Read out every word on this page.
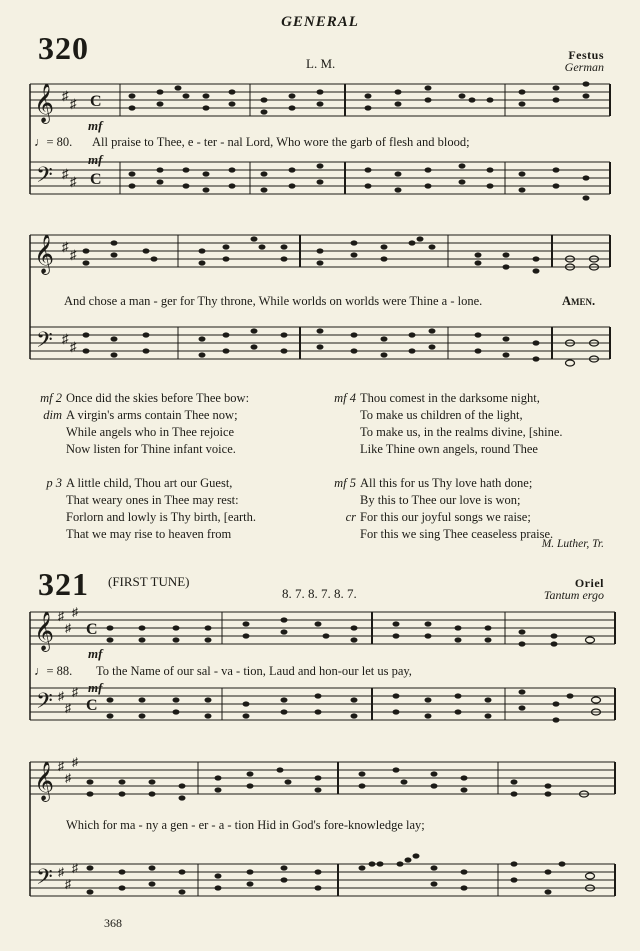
GENERAL
320	L. M.
Festus
German
𝄞
𝄢
♯
♯
♯
♯
C
C
mf
♩= 80. All praise to Thee, e - ter - nal Lord, Who wore the garb of flesh and blood;
mf
𝄞
𝄢
♯
♯
♯
♯
And chose a man - ger for Thy throne, While worlds on worlds were Thine a - lone.	Amen.
mf 2 Once did the skies before Thee bow:
dim A virgin's arms contain Thee now;
While angels who in Thee rejoice
Now listen for Thine infant voice.
p 3 A little child, Thou art our Guest,
That weary ones in Thee may rest:
Forlorn and lowly is Thy birth, [earth.
That we may rise to heaven from
mf 4 Thou comest in the darksome night,
To make us children of the light,
To make us, in the realms divine, [shine.
Like Thine own angels, round Thee
mf 5 All this for us Thy love hath done;
By this to Thee our love is won;
cr For this our joyful songs we raise;
For this we sing Thee ceaseless praise.
M. Luther, Tr.
321 (FIRST TUNE)
8. 7. 8. 7. 8. 7.
Oriel
Tantum ergo
𝄞
𝄢
♯
♯
♯
♯
♯
♯
C
C
mf
♩= 88. To the Name of our sal - va - tion, Laud and hon-our let us pay,
mf
𝄞
𝄢
♯
♯
♯
♯
♯
♯
Which for ma - ny a gen - er - a - tion Hid in God's fore-knowledge lay;
368
